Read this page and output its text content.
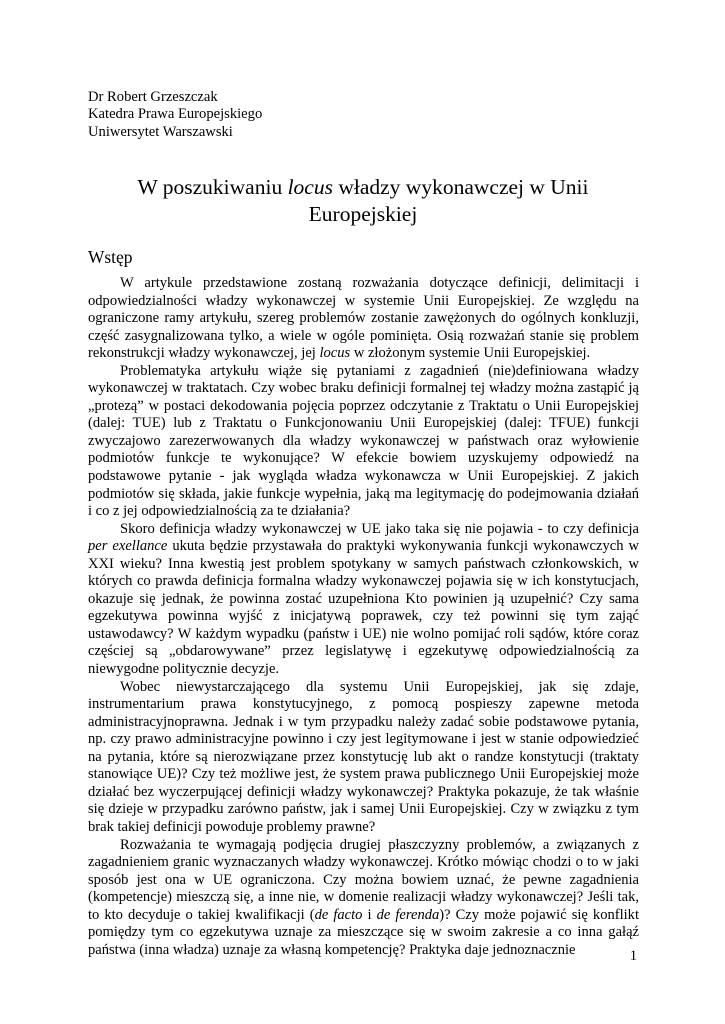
Dr Robert Grzeszczak
Katedra Prawa Europejskiego
Uniwersytet Warszawski
W poszukiwaniu locus władzy wykonawczej w Unii Europejskiej
Wstęp

W artykule przedstawione zostaną rozważania dotyczące definicji, delimitacji i odpowiedzialności władzy wykonawczej w systemie Unii Europejskiej. Ze względu na ograniczone ramy artykułu, szereg problemów zostanie zawężonych do ogólnych konkluzji, część zasygnalizowana tylko, a wiele w ogóle pominięta. Osią rozważań stanie się problem rekonstrukcji władzy wykonawczej, jej locus w złożonym systemie Unii Europejskiej.

Problematyka artykułu wiąże się pytaniami z zagadnień (nie)definiowana władzy wykonawczej w traktatach. Czy wobec braku definicji formalnej tej władzy można zastąpić ją „protezą” w postaci dekodowania pojęcia poprzez odczytanie z Traktatu o Unii Europejskiej (dalej: TUE) lub z Traktatu o Funkcjonowaniu Unii Europejskiej (dalej: TFUE) funkcji zwyczajowo zarezerwowanych dla władzy wykonawczej w państwach oraz wyłowienie podmiotów funkcje te wykonujące? W efekcie bowiem uzyskujemy odpowiedź na podstawowe pytanie - jak wygląda władza wykonawcza w Unii Europejskiej. Z jakich podmiotów się składa, jakie funkcje wypełnia, jaką ma legitymację do podejmowania działań i co z jej odpowiedzialnością za te działania?

Skoro definicja władzy wykonawczej w UE jako taka się nie pojawia - to czy definicja per exellance ukuta będzie przystawała do praktyki wykonywania funkcji wykonawczych w XXI wieku? Inna kwestią jest problem spotykany w samych państwach członkowskich, w których co prawda definicja formalna władzy wykonawczej pojawia się w ich konstytucjach, okazuje się jednak, że powinna zostać uzupełniona Kto powinien ją uzupełnić? Czy sama egzekutywa powinna wyjść z inicjatywą poprawek, czy też powinni się tym zająć ustawodawcy? W każdym wypadku (państw i UE) nie wolno pomijać roli sądów, które coraz częściej są „obdarowywane” przez legislatywę i egzekutywę odpowiedzialnością za niewygodne politycznie decyzje.

Wobec niewystarczającego dla systemu Unii Europejskiej, jak się zdaje, instrumentarium prawa konstytucyjnego, z pomocą pospieszy zapewne metoda administracyjnoprawna. Jednak i w tym przypadku należy zadać sobie podstawowe pytania, np. czy prawo administracyjne powinno i czy jest legitymowane i jest w stanie odpowiedzieć na pytania, które są nierozwiązane przez konstytucję lub akt o randze konstytucji (traktaty stanowiące UE)? Czy też możliwe jest, że system prawa publicznego Unii Europejskiej może działać bez wyczerpującej definicji władzy wykonawczej? Praktyka pokazuje, że tak właśnie się dzieje w przypadku zarówno państw, jak i samej Unii Europejskiej. Czy w związku z tym brak takiej definicji powoduje problemy prawne?

Rozważania te wymagają podjęcia drugiej płaszczyzny problemów, a związanych z zagadnieniem granic wyznaczanych władzy wykonawczej. Krótko mówiąc chodzi o to w jaki sposób jest ona w UE ograniczona. Czy można bowiem uznać, że pewne zagadnienia (kompetencje) mieszczą się, a inne nie, w domenie realizacji władzy wykonawczej? Jeśli tak, to kto decyduje o takiej kwalifikacji (de facto i de ferenda)? Czy może pojawić się konflikt pomiędzy tym co egzekutywa uznaje za mieszczące się w swoim zakresie a co inna gałąź państwa (inna władza) uznaje za własną kompetencję? Praktyka daje jednoznacznie	1
